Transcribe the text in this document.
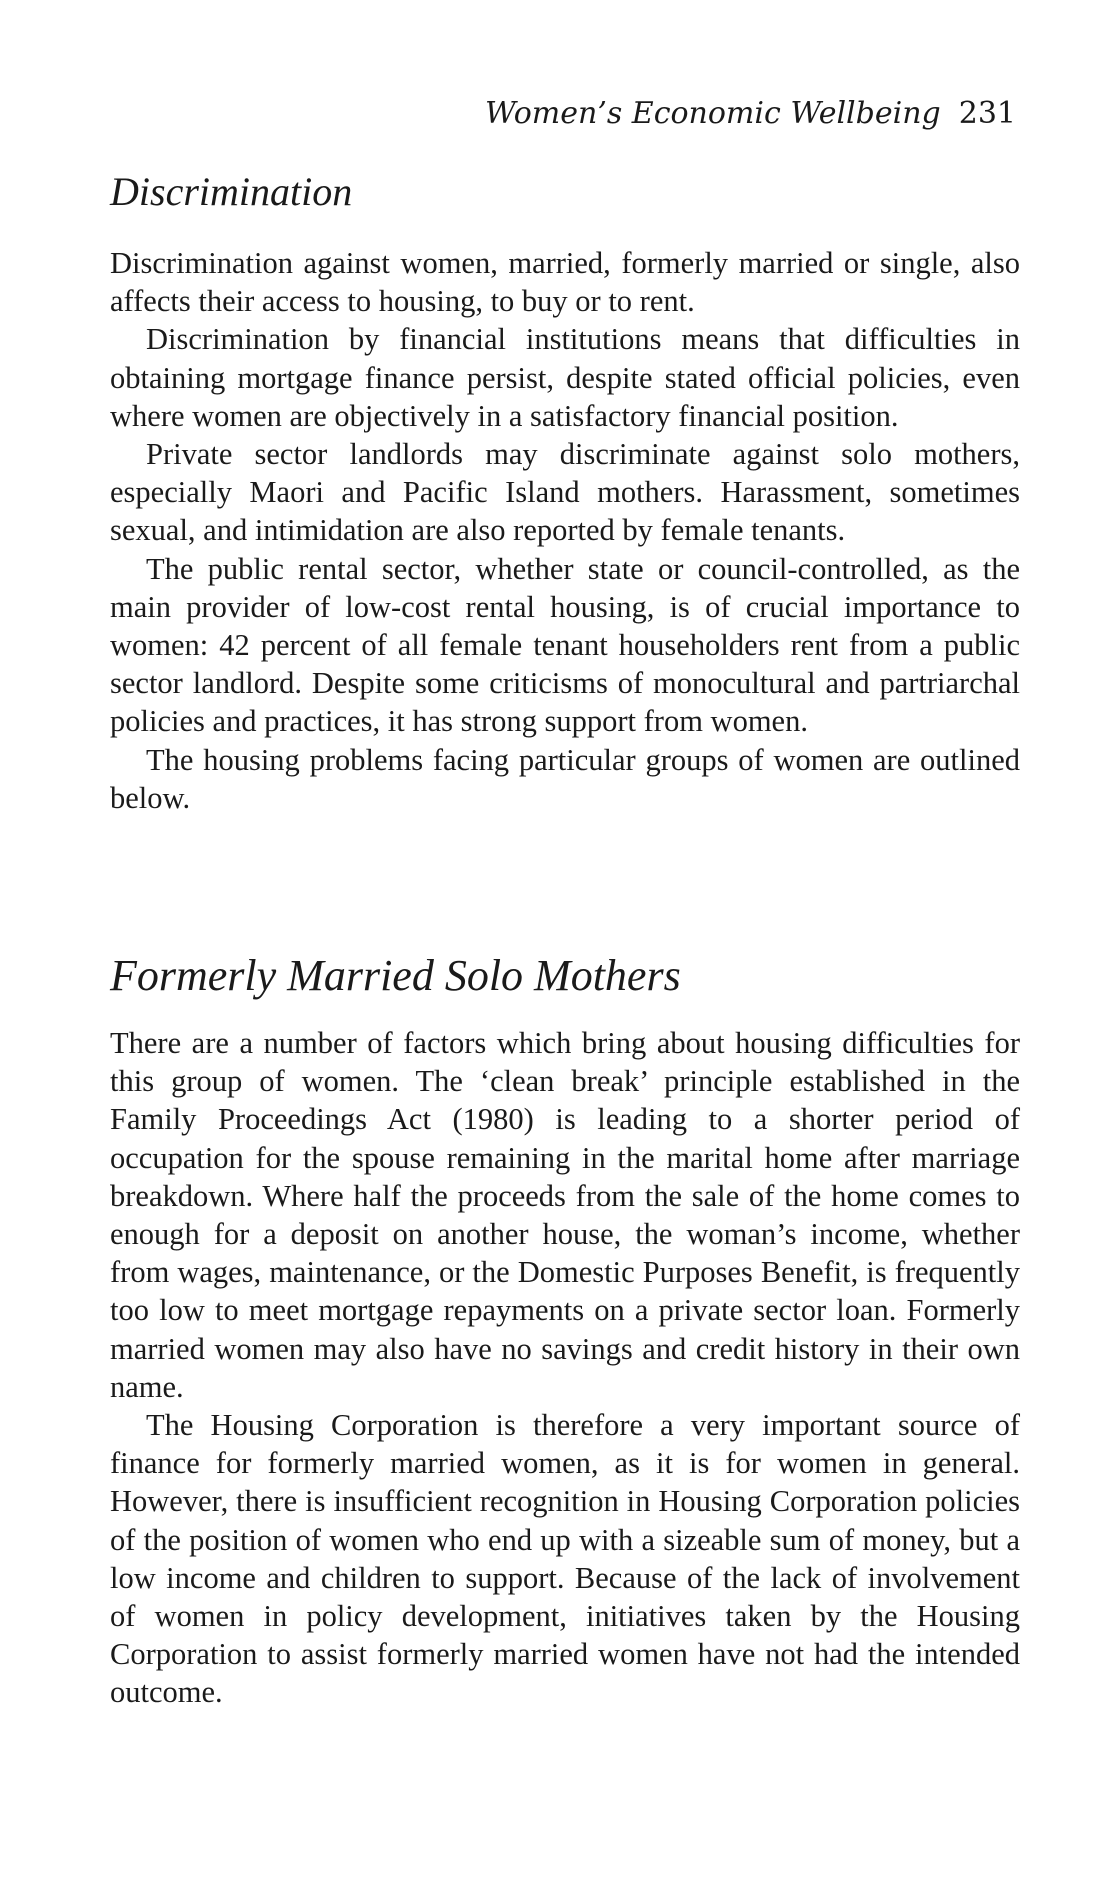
Women’s Economic Wellbeing 231
Discrimination

Discrimination against women, married, formerly married or single, also affects their access to housing, to buy or to rent.

Discrimination by financial institutions means that difficulties in obtaining mortgage finance persist, despite stated official policies, even where women are objectively in a satisfactory financial position.

Private sector landlords may discriminate against solo mothers, especially Maori and Pacific Island mothers. Harassment, sometimes sexual, and intimidation are also reported by female tenants.

The public rental sector, whether state or council-controlled, as the main provider of low-cost rental housing, is of crucial importance to women: 42 percent of all female tenant householders rent from a public sector landlord. Despite some criticisms of monocultural and partriarchal policies and practices, it has strong support from women.

The housing problems facing particular groups of women are outlined below.

Formerly Married Solo Mothers

There are a number of factors which bring about housing difficulties for this group of women. The ‘clean break’ principle established in the Family Proceedings Act (1980) is leading to a shorter period of occupation for the spouse remaining in the marital home after marriage breakdown. Where half the proceeds from the sale of the home comes to enough for a deposit on another house, the woman’s income, whether from wages, maintenance, or the Domestic Purposes Benefit, is frequently too low to meet mortgage repayments on a private sector loan. Formerly married women may also have no savings and credit history in their own name.

The Housing Corporation is therefore a very important source of finance for formerly married women, as it is for women in general. However, there is insufficient recognition in Housing Corporation policies of the position of women who end up with a sizeable sum of money, but a low income and children to support. Because of the lack of involvement of women in policy development, initiatives taken by the Housing Corporation to assist formerly married women have not had the intended outcome.
